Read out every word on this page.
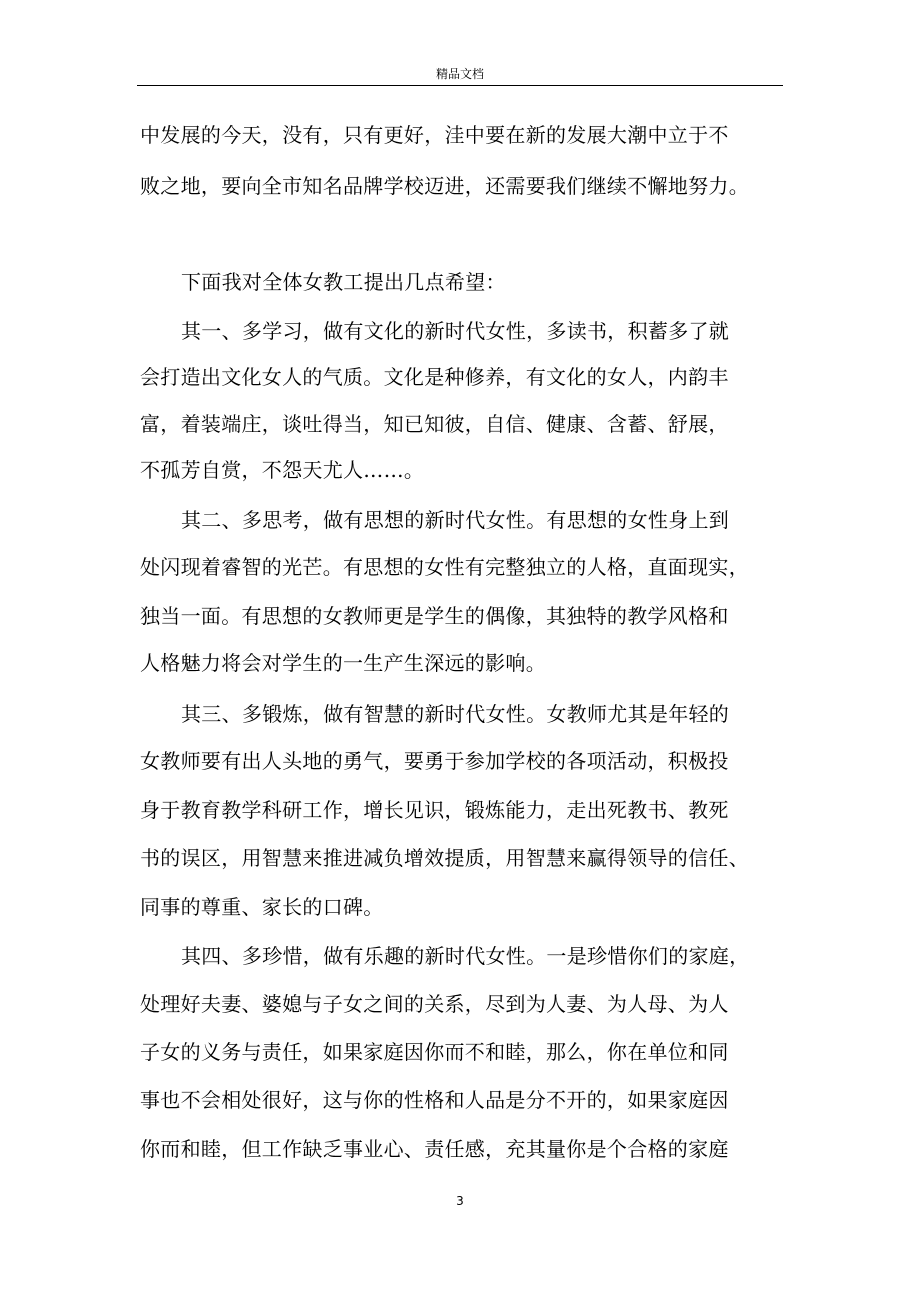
精品文档
中发展的今天，没有，只有更好，洼中要在新的发展大潮中立于不
败之地，要向全市知名品牌学校迈进，还需要我们继续不懈地努力。
下面我对全体女教工提出几点希望：
其一、多学习，做有文化的新时代女性，多读书，积蓄多了就
会打造出文化女人的气质。文化是种修养，有文化的女人，内韵丰
富，着装端庄，谈吐得当，知已知彼，自信、健康、含蓄、舒展，
不孤芳自赏，不怨天尤人……。
其二、多思考，做有思想的新时代女性。有思想的女性身上到
处闪现着睿智的光芒。有思想的女性有完整独立的人格，直面现实，
独当一面。有思想的女教师更是学生的偶像，其独特的教学风格和
人格魅力将会对学生的一生产生深远的影响。
其三、多锻炼，做有智慧的新时代女性。女教师尤其是年轻的
女教师要有出人头地的勇气，要勇于参加学校的各项活动，积极投
身于教育教学科研工作，增长见识，锻炼能力，走出死教书、教死
书的误区，用智慧来推进减负增效提质，用智慧来赢得领导的信任、
同事的尊重、家长的口碑。
其四、多珍惜，做有乐趣的新时代女性。一是珍惜你们的家庭，
处理好夫妻、婆媳与子女之间的关系，尽到为人妻、为人母、为人
子女的义务与责任，如果家庭因你而不和睦，那么，你在单位和同
事也不会相处很好，这与你的性格和人品是分不开的，如果家庭因
你而和睦，但工作缺乏事业心、责任感，充其量你是个合格的家庭
3
